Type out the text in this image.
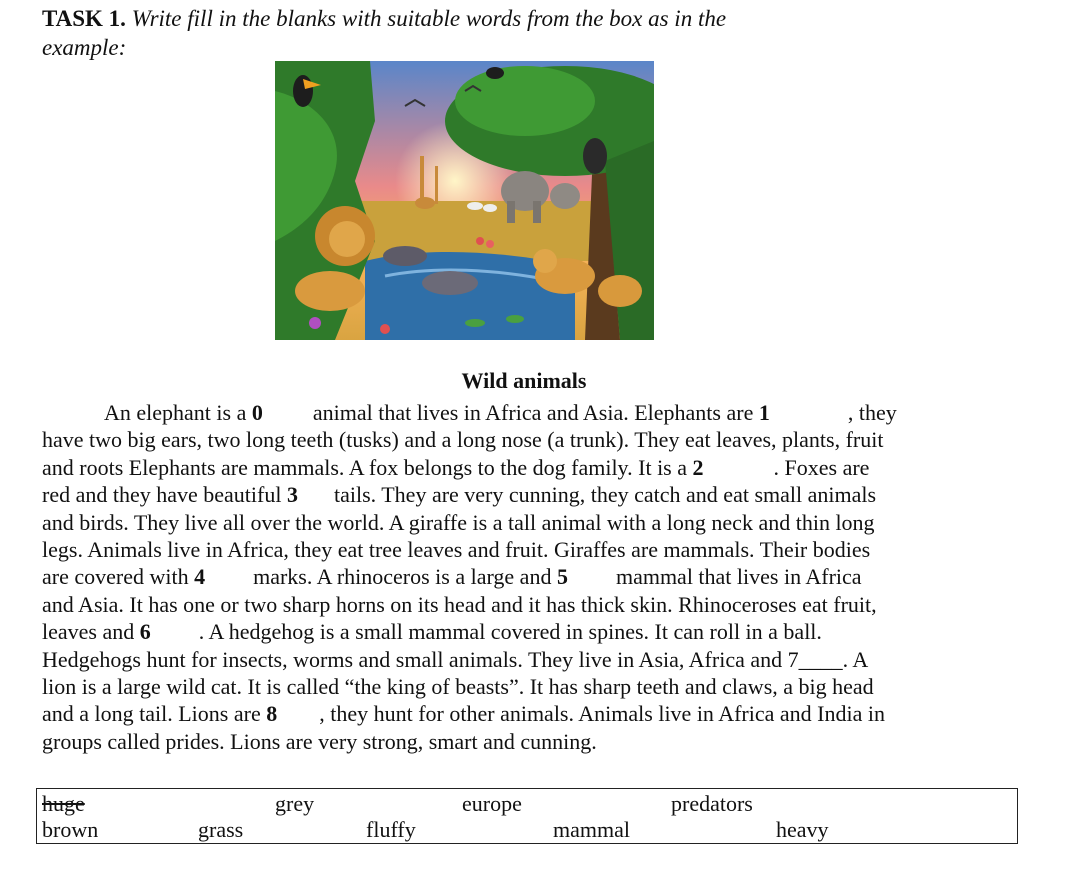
TASK 1. Write fill in the blanks with suitable words from the box as in the
example:
Wild animals
An elephant is a 0 animal that lives in Africa and Asia. Elephants are 1	, they
have two big ears, two long teeth (tusks) and a long nose (a trunk). They eat leaves, plants, fruit
and roots Elephants are mammals. A fox belongs to the dog family. It is a 2	. Foxes are
red and they have beautiful 3 tails. They are very cunning, they catch and eat small animals
and birds. They live all over the world. A giraffe is a tall animal with a long neck and thin long
legs. Animals live in Africa, they eat tree leaves and fruit. Giraffes are mammals. Their bodies
are covered with 4 marks. A rhinoceros is a large and 5 mammal that lives in Africa
and Asia. It has one or two sharp horns on its head and it has thick skin. Rhinoceroses eat fruit,
leaves and 6 . A hedgehog is a small mammal covered in spines. It can roll in a ball.
Hedgehogs hunt for insects, worms and small animals. They live in Asia, Africa and 7____. A
lion is a large wild cat. It is called “the king of beasts”. It has sharp teeth and claws, a big head
and a long tail. Lions are 8 , they hunt for other animals. Animals live in Africa and India in
groups called prides. Lions are very strong, smart and cunning.
huge	grey	europe	predators
brown	grass	fluffy	mammal	heavy
